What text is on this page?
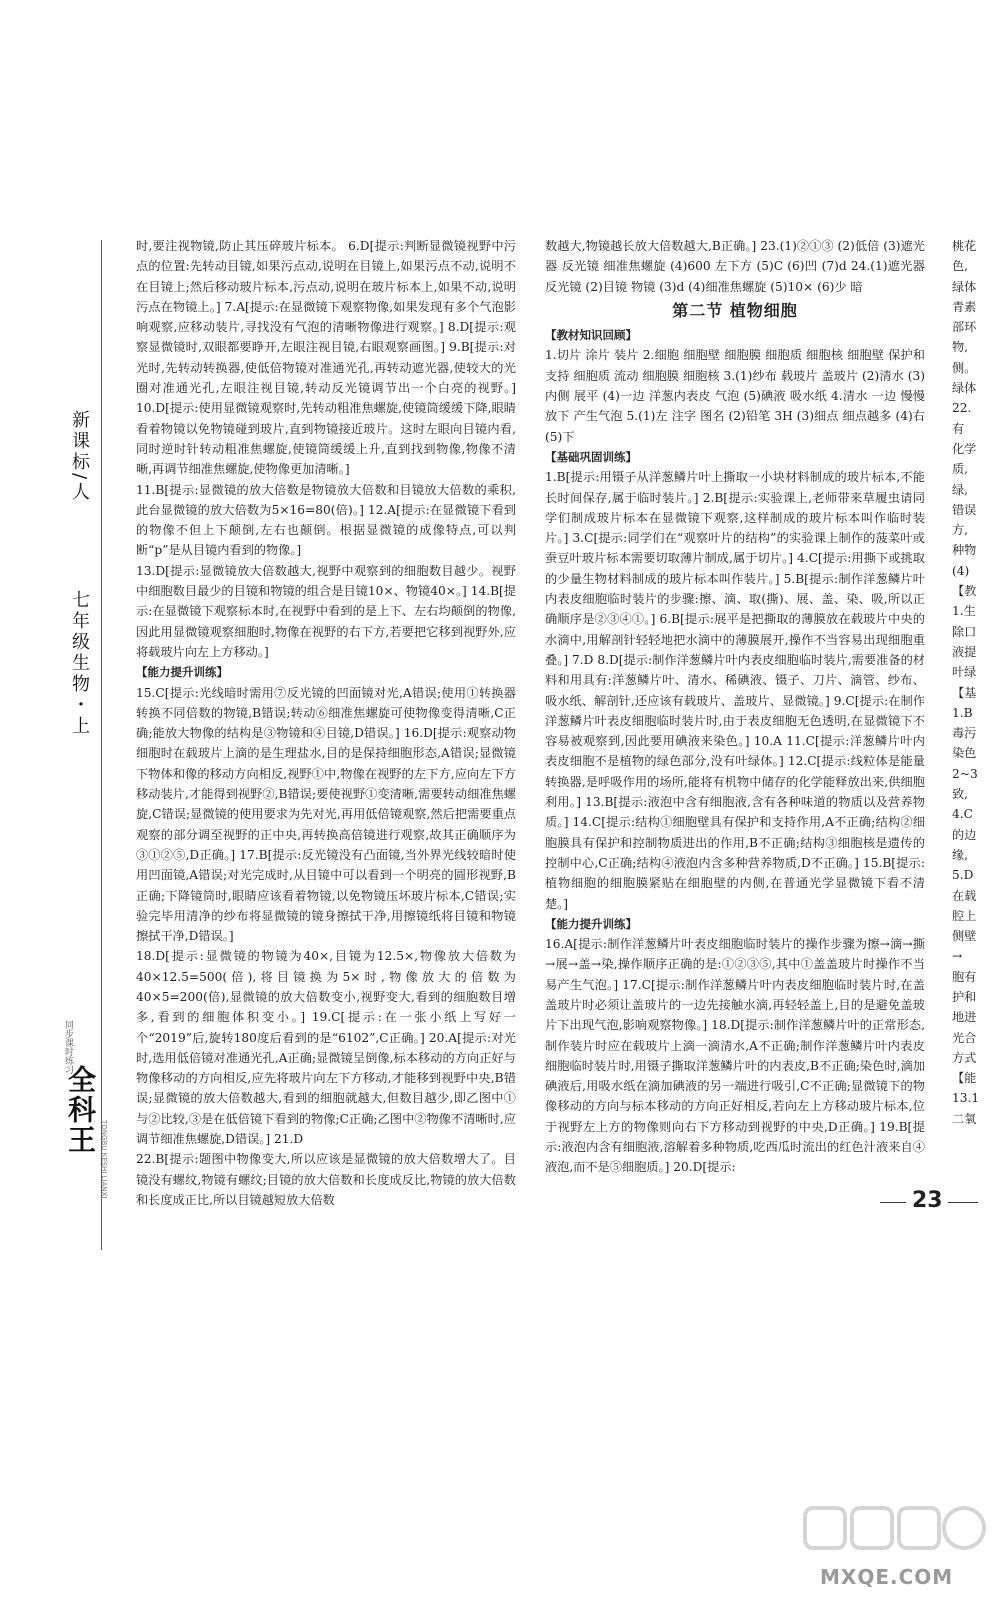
新课标/人
七年级生物・上
同步课时练习
全科王
TONGBU KESHI LIANXI

时,要注视物镜,防止其压碎玻片标本。 6.D[提示:判断显微镜视野中污点的位置:先转动目镜,如果污点动,说明在目镜上,如果污点不动,说明不在目镜上;然后移动玻片标本,污点动,说明在玻片标本上,如果不动,说明污点在物镜上。] 7.A[提示:在显微镜下观察物像,如果发现有多个气泡影响观察,应移动装片,寻找没有气泡的清晰物像进行观察。] 8.D[提示:观察显微镜时,双眼都要睁开,左眼注视目镜,右眼观察画图。] 9.B[提示:对光时,先转动转换器,使低倍物镜对准通光孔,再转动遮光器,使较大的光圈对准通光孔,左眼注视目镜,转动反光镜调节出一个白亮的视野。] 10.D[提示:使用显微镜观察时,先转动粗准焦螺旋,使镜筒缓缓下降,眼睛看着物镜以免物镜碰到玻片,直到物镜接近玻片。这时左眼向目镜内看,同时逆时针转动粗准焦螺旋,使镜筒缓缓上升,直到找到物像,物像不清晰,再调节细准焦螺旋,使物像更加清晰。]

11.B[提示:显微镜的放大倍数是物镜放大倍数和目镜放大倍数的乘积,此台显微镜的放大倍数为5×16=80(倍)。] 12.A[提示:在显微镜下看到的物像不但上下颠倒,左右也颠倒。根据显微镜的成像特点,可以判断“p”是从目镜内看到的物像。]

13.D[提示:显微镜放大倍数越大,视野中观察到的细胞数目越少。视野中细胞数目最少的目镜和物镜的组合是目镜10×、物镜40×。] 14.B[提示:在显微镜下观察标本时,在视野中看到的是上下、左右均颠倒的物像,因此用显微镜观察细胞时,物像在视野的右下方,若要把它移到视野外,应将载玻片向左上方移动。]

【 能力提升训练 】

15.C[提示:光线暗时需用⑦反光镜的凹面镜对光,A错误;使用①转换器转换不同倍数的物镜,B错误;转动⑥细准焦螺旋可使物像变得清晰,C正确;能放大物像的结构是③物镜和④目镜,D错误。] 16.D[提示:观察动物细胞时在载玻片上滴的是生理盐水,目的是保持细胞形态,A错误;显微镜下物体和像的移动方向相反,视野①中,物像在视野的左下方,应向左下方移动装片,才能得到视野②,B错误;要使视野①变清晰,需要转动细准焦螺旋,C错误;显微镜的使用要求为先对光,再用低倍镜观察,然后把需要重点观察的部分调至视野的正中央,再转换高倍镜进行观察,故其正确顺序为③①②⑤,D正确。] 17.B[提示:反光镜没有凸面镜,当外界光线较暗时使用凹面镜,A错误;对光完成时,从目镜中可以看到一个明亮的圆形视野,B正确;下降镜筒时,眼睛应该看着物镜,以免物镜压坏玻片标本,C错误;实验完毕用清净的纱布将显微镜的镜身擦拭干净,用擦镜纸将目镜和物镜擦拭干净,D错误。]

18.D[提示:显微镜的物镜为40×,目镜为12.5×,物像放大倍数为40×12.5=500(倍),将目镜换为5×时,物像放大的倍数为40×5=200(倍),显微镜的放大倍数变小,视野变大,看到的细胞数目增多,看到的细胞体积变小。] 19.C[提示:在一张小纸上写好一个“2019”后,旋转180度后看到的是“6102”,C正确。] 20.A[提示:对光时,选用低倍镜对准通光孔,A正确;显微镜呈倒像,标本移动的方向正好与物像移动的方向相反,应先将玻片向左下方移动,才能移到视野中央,B错误;显微镜的放大倍数越大,看到的细胞就越大,但数目越少,即乙图中①与②比较,③是在低倍镜下看到的物像;C正确;乙图中②物像不清晰时,应调节细准焦螺旋,D错误。] 21.D

22.B[提示:题图中物像变大,所以应该是显微镜的放大倍数增大了。目镜没有螺纹,物镜有螺纹;目镜的放大倍数和长度成反比,物镜的放大倍数和长度成正比,所以目镜越短放大倍数

数越大,物镜越长放大倍数越大,B正确。] 23.(1)②①③ (2)低倍 (3)遮光器 反光镜 细准焦螺旋 (4)600 左下方 (5)C (6)凹 (7)d 24.(1)遮光器 反光镜 (2)目镜 物镜 (3)d (4)细准焦螺旋 (5)10× (6)少 暗

第二节 植物细胞
【 教材知识回顾 】

1.切片 涂片 装片 2.细胞 细胞壁 细胞膜 细胞质 细胞核 细胞壁 保护和支持 细胞质 流动 细胞膜 细胞核 3.(1)纱布 载玻片 盖玻片 (2)清水 (3)内侧 展平 (4)一边 洋葱内表皮 气泡 (5)碘液 吸水纸 4.清水 一边 慢慢放下 产生气泡 5.(1)左 注字 图名 (2)铅笔 3H (3)细点 细点越多 (4)右 (5)下

【 基础巩固训练 】

1.B[提示:用镊子从洋葱鳞片叶上撕取一小块材料制成的玻片标本,不能长时间保存,属于临时装片。] 2.B[提示:实验课上,老师带来草履虫请同学们制成玻片标本在显微镜下观察,这样制成的玻片标本叫作临时装片。] 3.C[提示:同学们在“观察叶片的结构”的实验课上制作的菠菜叶或蚕豆叶玻片标本需要切取薄片制成,属于切片。] 4.C[提示:用撕下或挑取的少量生物材料制成的玻片标本叫作装片。] 5.B[提示:制作洋葱鳞片叶内表皮细胞临时装片的步骤:擦、滴、取(撕)、展、盖、染、吸,所以正确顺序是②③④①。] 6.B[提示:展平是把撕取的薄膜放在载玻片中央的水滴中,用解剖针轻轻地把水滴中的薄膜展开,操作不当容易出现细胞重叠。] 7.D 8.D[提示:制作洋葱鳞片叶内表皮细胞临时装片,需要准备的材料和用具有:洋葱鳞片叶、清水、稀碘液、镊子、刀片、滴管、纱布、吸水纸、解剖针,还应该有载玻片、盖玻片、显微镜。] 9.C[提示:在制作洋葱鳞片叶表皮细胞临时装片时,由于表皮细胞无色透明,在显微镜下不容易被观察到,因此要用碘液来染色。] 10.A 11.C[提示:洋葱鳞片叶内表皮细胞不是植物的绿色部分,没有叶绿体。] 12.C[提示:线粒体是能量转换器,是呼吸作用的场所,能将有机物中储存的化学能释放出来,供细胞利用。] 13.B[提示:液泡中含有细胞液,含有各种味道的物质以及营养物质。] 14.C[提示:结构①细胞壁具有保护和支持作用,A不正确;结构②细胞膜具有保护和控制物质进出的作用,B不正确;结构③细胞核是遗传的控制中心,C正确;结构④液泡内含多种营养物质,D不正确。] 15.B[提示:植物细胞的细胞膜紧贴在细胞壁的内侧,在普通光学显微镜下看不清楚。]

【 能力提升训练 】

16.A[提示:制作洋葱鳞片叶表皮细胞临时装片的操作步骤为擦→滴→撕→展→盖→染,操作顺序正确的是:①②③⑤,其中①盖盖玻片时操作不当易产生气泡。] 17.C[提示:制作洋葱鳞片叶内表皮细胞临时装片时,在盖盖玻片时必须让盖玻片的一边先接触水滴,再轻轻盖上,目的是避免盖玻片下出现气泡,影响观察物像。] 18.D[提示:制作洋葱鳞片叶的正常形态,制作装片时应在载玻片上滴一滴清水,A不正确;制作洋葱鳞片叶内表皮细胞临时装片时,用镊子撕取洋葱鳞片叶的内表皮,B不正确;染色时,滴加碘液后,用吸水纸在滴加碘液的另一端进行吸引,C不正确;显微镜下的物像移动的方向与标本移动的方向正好相反,若向左上方移动玻片标本,位于视野左上方的物像则向右下方移动到视野的中央,D正确。] 19.B[提示:液泡内含有细胞液,溶解着多种物质,吃西瓜时流出的红色汁液来自④液泡,而不是⑤细胞质。] 20.D[提示:

桃花
色,
绿体
青素
部环
物,
侧。
绿体
22.
有
化学
质,
绿,
错误
方,
种物
(4)
【教
1.生
除口
液提
叶绿
【基
1.B
毒污
染色
2~3
致,
4.C
的边
缘,
5.D
在载
腔上
侧壁
→
胞有
护和
地进
光合
方式
【能
13.1
二氧
23
MXQE.COM
